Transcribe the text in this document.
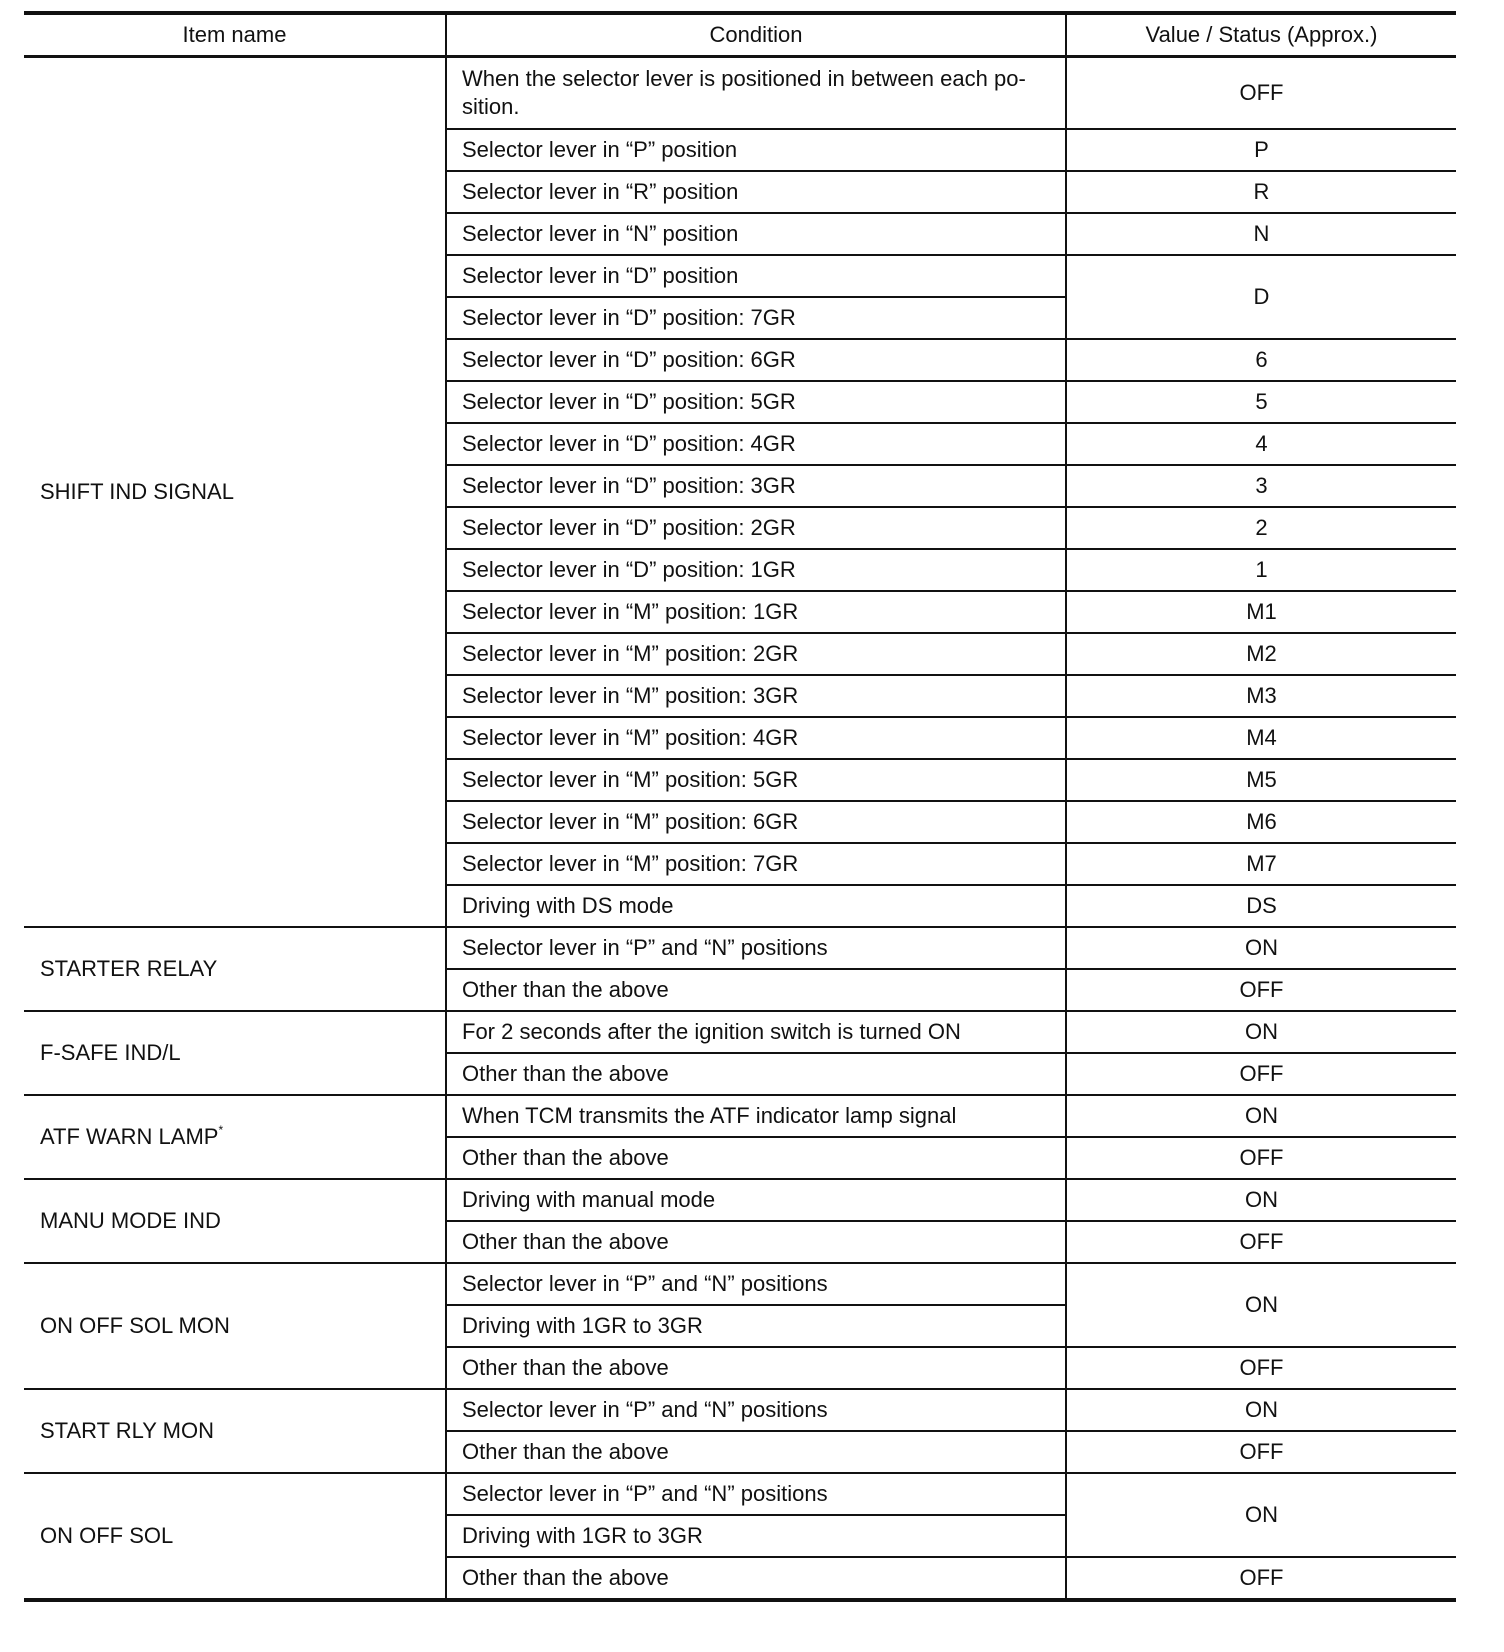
Item name	Condition	Value / Status (Approx.)
SHIFT IND SIGNAL	When the selector lever is positioned in between each po-sition.	OFF
	Selector lever in “P” position	P
	Selector lever in “R” position	R
	Selector lever in “N” position	N
	Selector lever in “D” position	D
	Selector lever in “D” position: 7GR	
	Selector lever in “D” position: 6GR	6
	Selector lever in “D” position: 5GR	5
	Selector lever in “D” position: 4GR	4
	Selector lever in “D” position: 3GR	3
	Selector lever in “D” position: 2GR	2
	Selector lever in “D” position: 1GR	1
	Selector lever in “M” position: 1GR	M1
	Selector lever in “M” position: 2GR	M2
	Selector lever in “M” position: 3GR	M3
	Selector lever in “M” position: 4GR	M4
	Selector lever in “M” position: 5GR	M5
	Selector lever in “M” position: 6GR	M6
	Selector lever in “M” position: 7GR	M7
	Driving with DS mode	DS
STARTER RELAY	Selector lever in “P” and “N” positions	ON
	Other than the above	OFF
F-SAFE IND/L	For 2 seconds after the ignition switch is turned ON	ON
	Other than the above	OFF
ATF WARN LAMP*	When TCM transmits the ATF indicator lamp signal	ON
	Other than the above	OFF
MANU MODE IND	Driving with manual mode	ON
	Other than the above	OFF
ON OFF SOL MON	Selector lever in “P” and “N” positions	ON
	Driving with 1GR to 3GR	
	Other than the above	OFF
START RLY MON	Selector lever in “P” and “N” positions	ON
	Other than the above	OFF
ON OFF SOL	Selector lever in “P” and “N” positions	ON
	Driving with 1GR to 3GR	
	Other than the above	OFF
